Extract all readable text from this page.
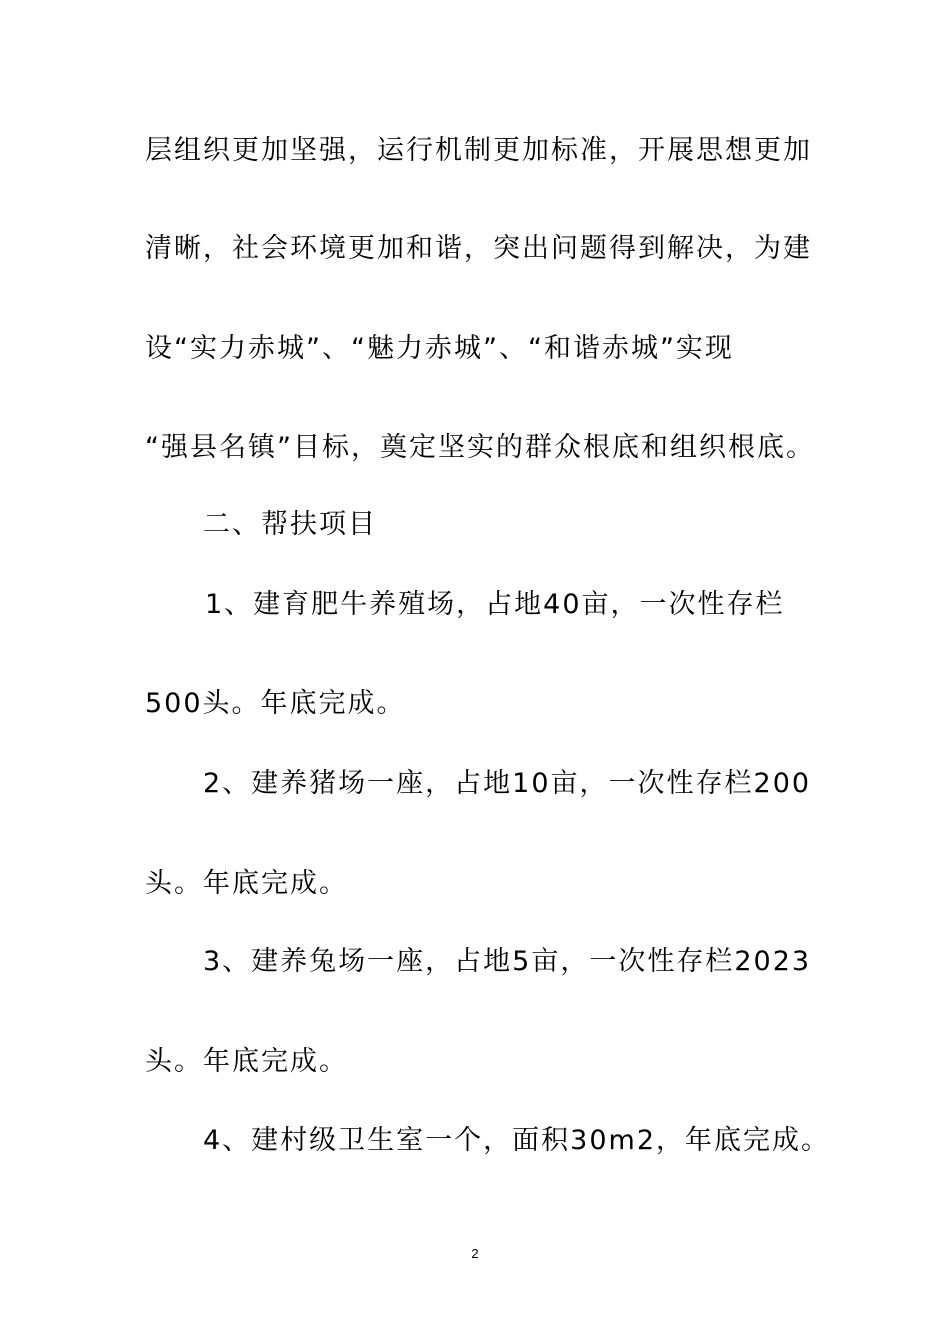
层组织更加坚强，运行机制更加标准，开展思想更加
清晰，社会环境更加和谐，突出问题得到解决，为建
设“实力赤城”、“魅力赤城”、“和谐赤城”实现
“强县名镇”目标，奠定坚实的群众根底和组织根底。
二、帮扶项目
1、建育肥牛养殖场，占地40亩，一次性存栏
500头。年底完成。
2、建养猪场一座，占地10亩，一次性存栏200
头。年底完成。
3、建养兔场一座，占地5亩，一次性存栏2023
头。年底完成。
4、建村级卫生室一个，面积30m2，年底完成。
2
